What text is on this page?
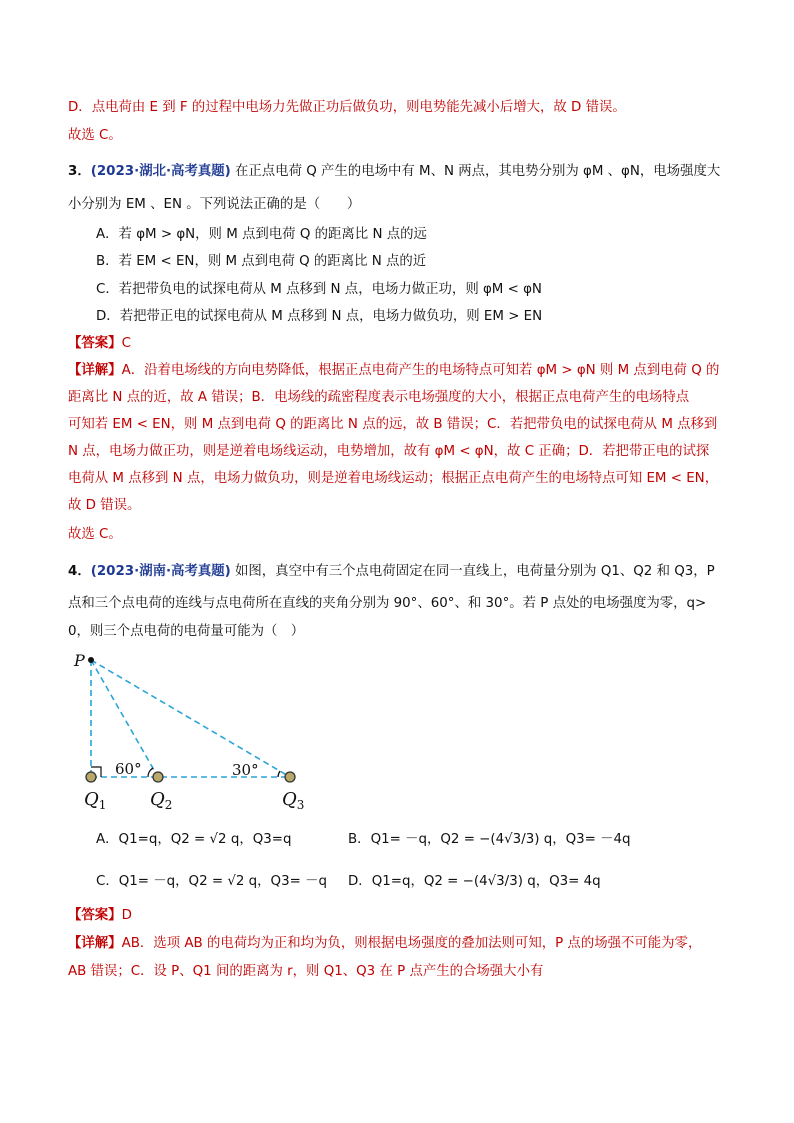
D．点电荷由 E 到 F 的过程中电场力先做正功后做负功，则电势能先减小后增大，故 D 错误。
故选 C。
3．(2023·湖北·高考真题) 在正点电荷 Q 产生的电场中有 M、N 两点，其电势分别为 φM 、φN，电场强度大
小分别为 EM 、EN 。下列说法正确的是（　　）
A．若 φM > φN，则 M 点到电荷 Q 的距离比 N 点的远
B．若 EM < EN，则 M 点到电荷 Q 的距离比 N 点的近
C．若把带负电的试探电荷从 M 点移到 N 点，电场力做正功，则 φM < φN
D．若把带正电的试探电荷从 M 点移到 N 点，电场力做负功，则 EM > EN
【答案】C
【详解】A．沿着电场线的方向电势降低，根据正点电荷产生的电场特点可知若 φM > φN 则 M 点到电荷 Q 的
距离比 N 点的近，故 A 错误；B．电场线的疏密程度表示电场强度的大小，根据正点电荷产生的电场特点
可知若 EM < EN，则 M 点到电荷 Q 的距离比 N 点的远，故 B 错误；C．若把带负电的试探电荷从 M 点移到
N 点，电场力做正功，则是逆着电场线运动，电势增加，故有 φM < φN，故 C 正确；D．若把带正电的试探
电荷从 M 点移到 N 点，电场力做负功，则是逆着电场线运动；根据正点电荷产生的电场特点可知 EM < EN，
故 D 错误。
故选 C。
4．(2023·湖南·高考真题) 如图，真空中有三个点电荷固定在同一直线上，电荷量分别为 Q1、Q2 和 Q3，P
点和三个点电荷的连线与点电荷所在直线的夹角分别为 90°、60°、和 30°。若 P 点处的电场强度为零，q>
0，则三个点电荷的电荷量可能为（　）
P
60°	30°
$Q_1$ $Q_2$	$Q_3$
A．Q1=q，Q2 = √2 q，Q3=q	B．Q1= －q，Q2 = −(4√3/3) q，Q3= －4q
C．Q1= －q，Q2 = √2 q，Q3= －q D．Q1=q，Q2 = −(4√3/3) q，Q3= 4q
【答案】D
【详解】AB．选项 AB 的电荷均为正和均为负，则根据电场强度的叠加法则可知，P 点的场强不可能为零，
AB 错误；C．设 P、Q1 间的距离为 r，则 Q1、Q3 在 P 点产生的合场强大小有
